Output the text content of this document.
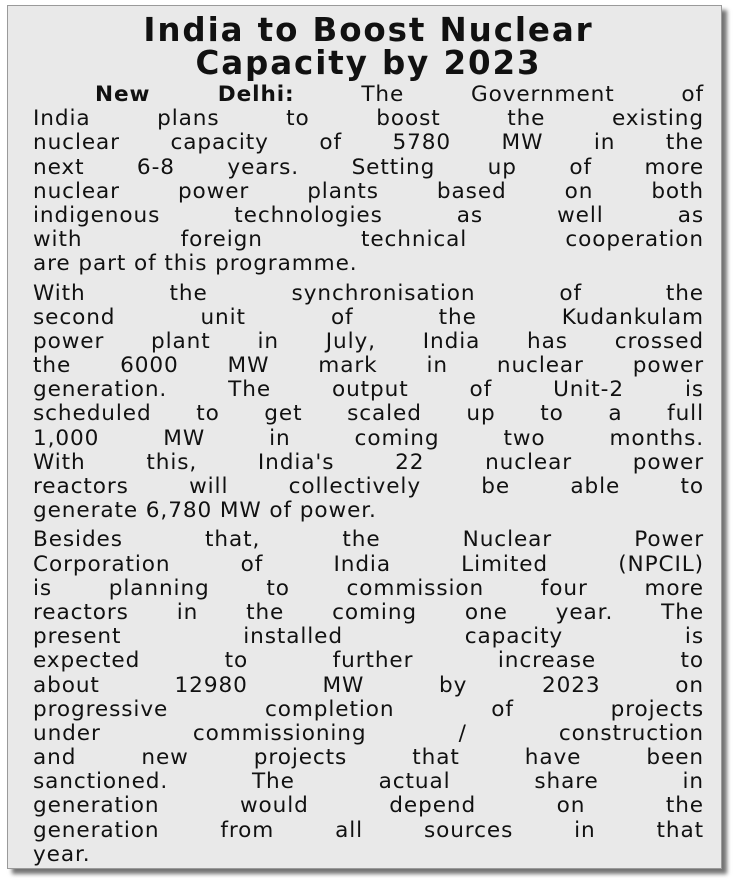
India to Boost Nuclear
Capacity by 2023
New Delhi:	The Government of
India plans to boost the existing
nuclear capacity of 5780 MW in the
next 6-8 years. Setting up of more
nuclear power plants based on both
indigenous technologies as well as
with foreign technical cooperation
are part of this programme.
With the synchronisation of the
second unit of the Kudankulam
power plant in July, India has crossed
the 6000 MW mark in nuclear power
generation. The output of Unit-2 is
scheduled to get scaled up to a full
1,000 MW in coming two months.
With this, India's 22 nuclear power
reactors will collectively be able to
generate 6,780 MW of power.
Besides that, the Nuclear Power
Corporation of India Limited (NPCIL)
is planning to commission four more
reactors in the coming one year. The
present installed capacity is
expected to further increase to
about 12980 MW by 2023 on
progressive completion of projects
under commissioning / construction
and new projects that have been
sanctioned. The actual share in
generation would depend on the
generation from all sources in that
year.
